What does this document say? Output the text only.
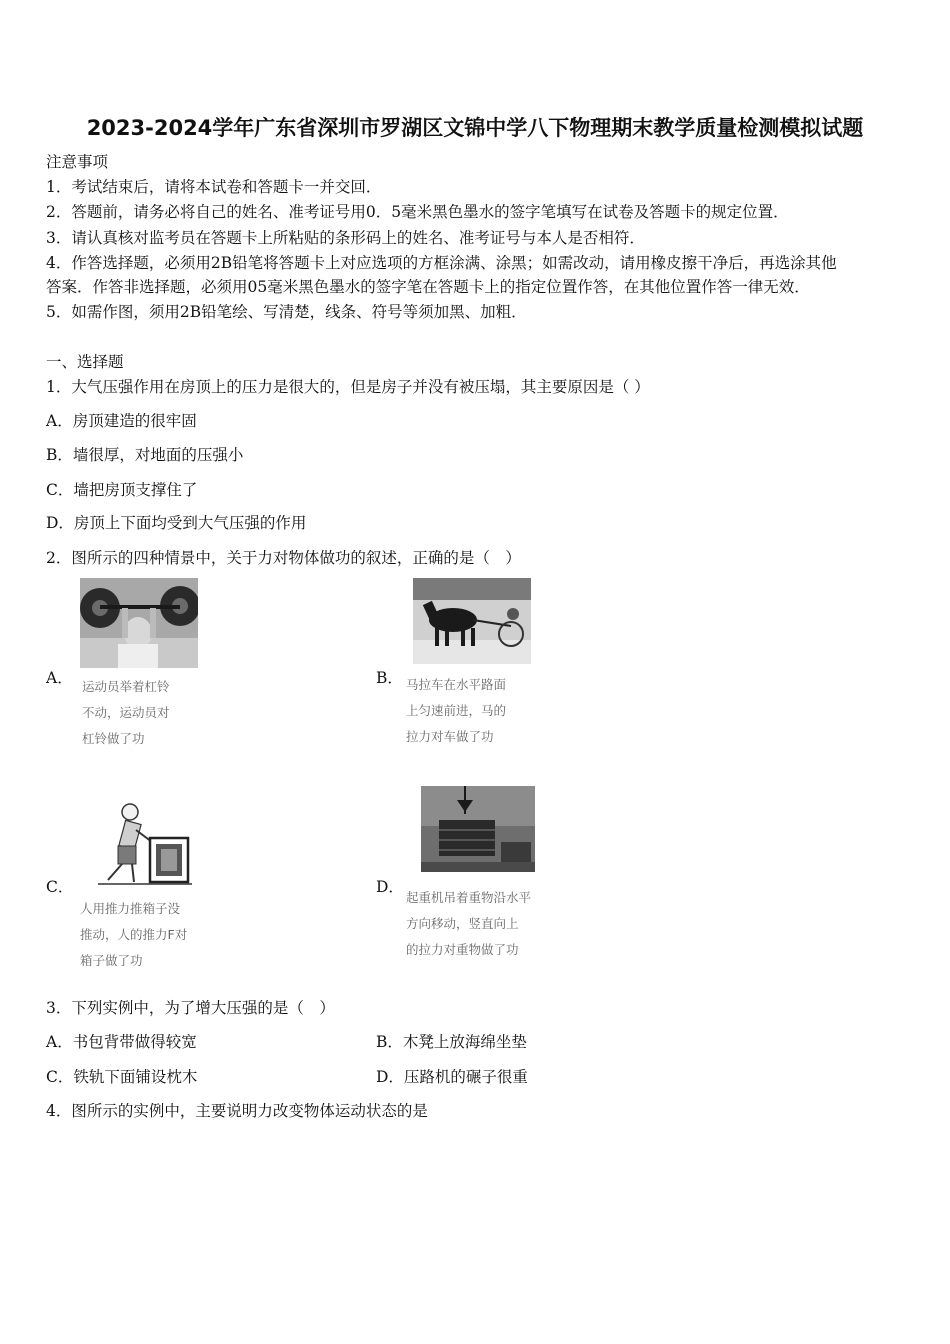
2023-2024学年广东省深圳市罗湖区文锦中学八下物理期末教学质量检测模拟试题
注意事项
1．考试结束后，请将本试卷和答题卡一并交回．
2．答题前，请务必将自己的姓名、准考证号用0．5毫米黑色墨水的签字笔填写在试卷及答题卡的规定位置．
3．请认真核对监考员在答题卡上所粘贴的条形码上的姓名、准考证号与本人是否相符．
4．作答选择题，必须用2B铅笔将答题卡上对应选项的方框涂满、涂黑；如需改动，请用橡皮擦干净后，再选涂其他
答案．作答非选择题，必须用05毫米黑色墨水的签字笔在答题卡上的指定位置作答，在其他位置作答一律无效．
5．如需作图，须用2B铅笔绘、写清楚，线条、符号等须加黑、加粗．
一、选择题
1．大气压强作用在房顶上的压力是很大的，但是房子并没有被压塌，其主要原因是（ ）
A．房顶建造的很牢固
B．墙很厚，对地面的压强小
C．墙把房顶支撑住了
D．房顶上下面均受到大气压强的作用
2．图所示的四种情景中，关于力对物体做功的叙述，正确的是（　）
A． 运动员举着杠铃
不动，运动员对
杠铃做了功
B． 马拉车在水平路面
上匀速前进，马的
拉力对车做了功
C．
人用推力推箱子没
推动，人的推力F对
箱子做了功
D．
起重机吊着重物沿水平
方向移动，竖直向上
的拉力对重物做了功
3．下列实例中，为了增大压强的是（　）
A．书包背带做得较宽	B．木凳上放海绵坐垫
C．铁轨下面铺设枕木	D．压路机的碾子很重
4．图所示的实例中，主要说明力改变物体运动状态的是
